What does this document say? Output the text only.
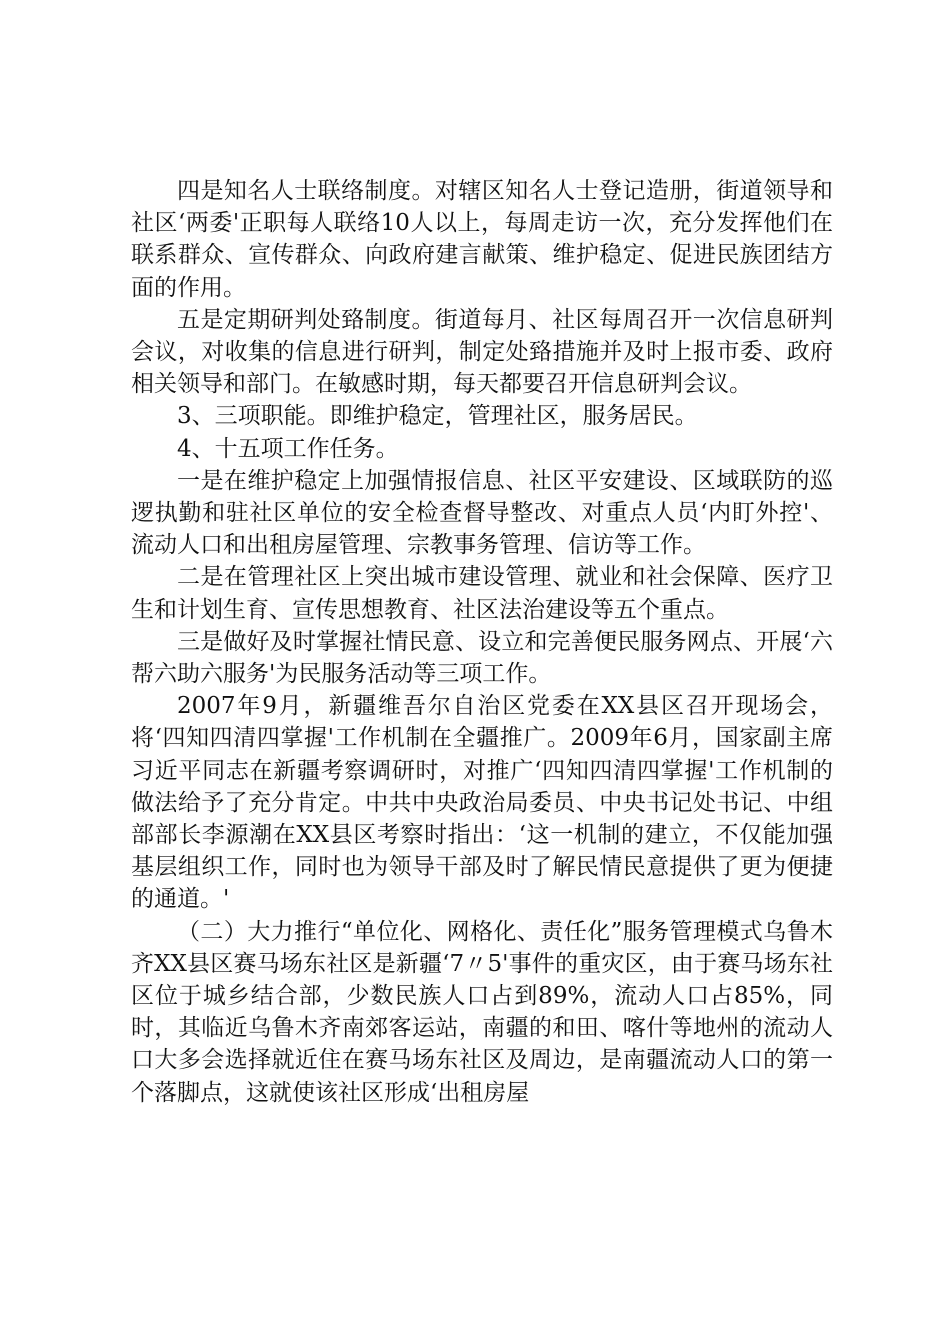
四是知名人士联络制度。对辖区知名人士登记造册，街道领导和社区‘两委'正职每人联络10人以上，每周走访一次，充分发挥他们在联系群众、宣传群众、向政府建言献策、维护稳定、促进民族团结方面的作用。

五是定期研判处臵制度。街道每月、社区每周召开一次信息研判会议，对收集的信息进行研判，制定处臵措施并及时上报市委、政府相关领导和部门。在敏感时期，每天都要召开信息研判会议。

3、三项职能。即维护稳定，管理社区，服务居民。

4、十五项工作任务。

一是在维护稳定上加强情报信息、社区平安建设、区域联防的巡逻执勤和驻社区单位的安全检查督导整改、对重点人员‘内盯外控'、流动人口和出租房屋管理、宗教事务管理、信访等工作。

二是在管理社区上突出城市建设管理、就业和社会保障、医疗卫生和计划生育、宣传思想教育、社区法治建设等五个重点。

三是做好及时掌握社情民意、设立和完善便民服务网点、开展‘六帮六助六服务'为民服务活动等三项工作。

2007年9月，新疆维吾尔自治区党委在XX县区召开现场会，将‘四知四清四掌握'工作机制在全疆推广。2009年6月，国家副主席习近平同志在新疆考察调研时，对推广‘四知四清四掌握'工作机制的做法给予了充分肯定。中共中央政治局委员、中央书记处书记、中组部部长李源潮在XX县区考察时指出：‘这一机制的建立，不仅能加强基层组织工作，同时也为领导干部及时了解民情民意提供了更为便捷的通道。'

（二）大力推行“单位化、网格化、责任化”服务管理模式乌鲁木齐XX县区赛马场东社区是新疆‘7〃5'事件的重灾区，由于赛马场东社区位于城乡结合部，少数民族人口占到89%，流动人口占85%，同时，其临近乌鲁木齐南郊客运站，南疆的和田、喀什等地州的流动人口大多会选择就近住在赛马场东社区及周边，是南疆流动人口的第一个落脚点，这就使该社区形成‘出租房屋
